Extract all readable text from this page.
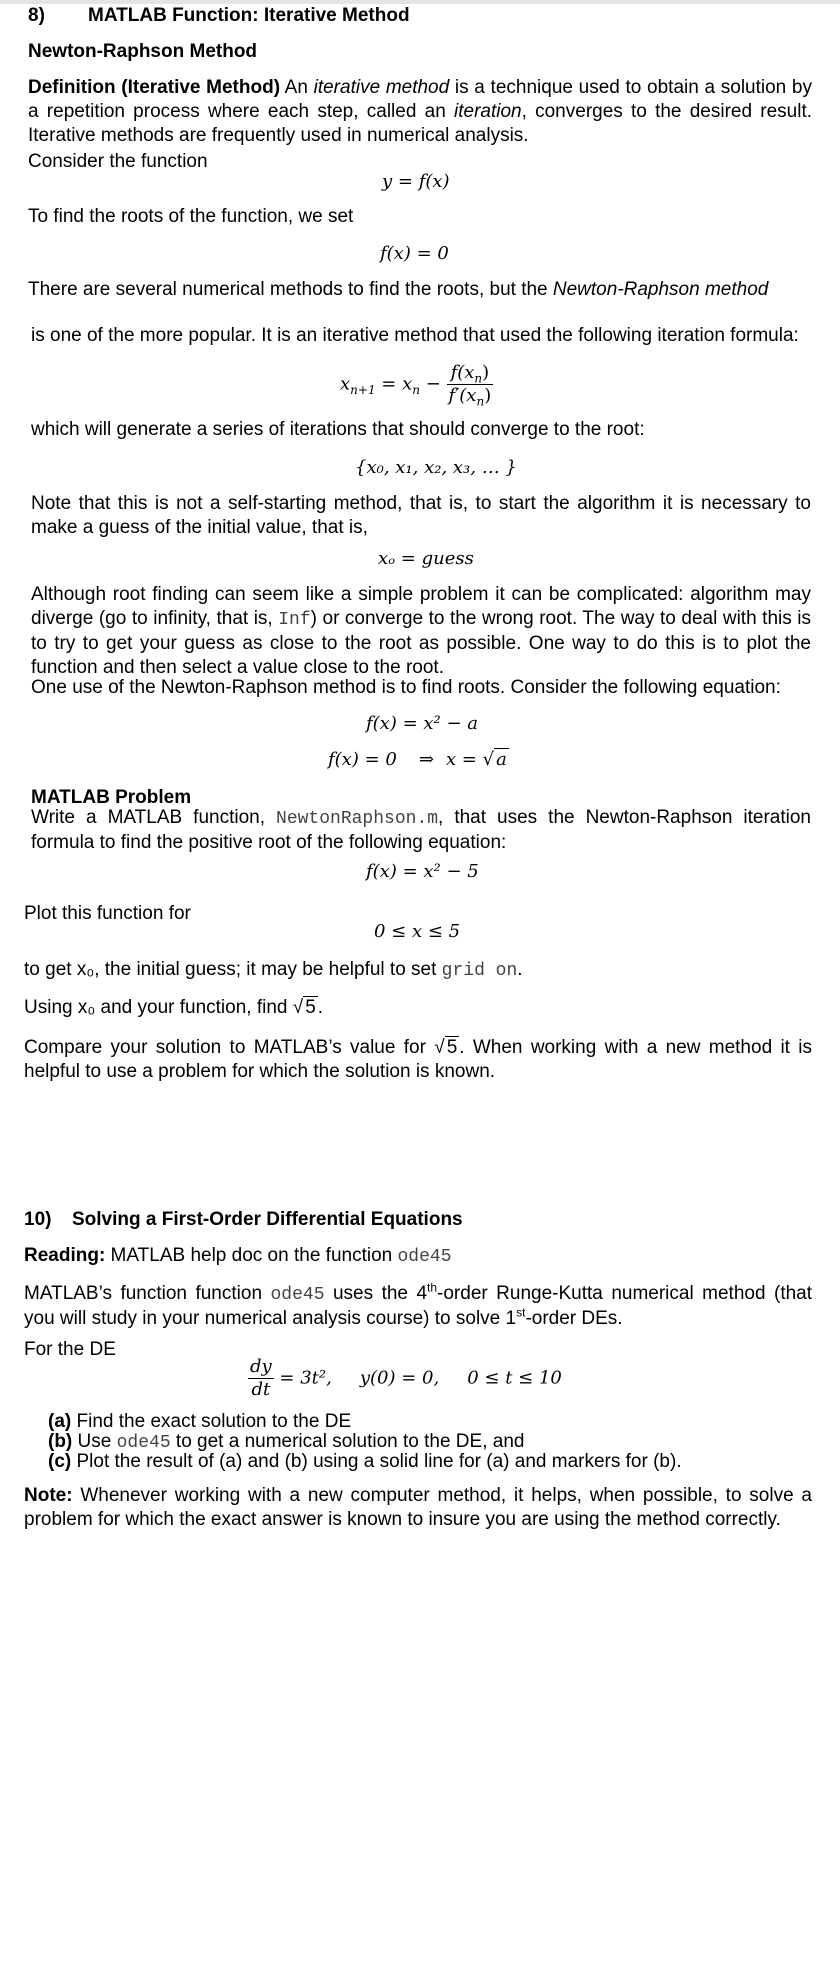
8) MATLAB Function: Iterative Method
Newton-Raphson Method
Definition (Iterative Method) An iterative method is a technique used to obtain a solution by a repetition process where each step, called an iteration, converges to the desired result. Iterative methods are frequently used in numerical analysis.
Consider the function
y = f(x)
To find the roots of the function, we set
f(x) = 0
There are several numerical methods to find the roots, but the Newton-Raphson method
is one of the more popular. It is an iterative method that used the following iteration formula:
$x_{n+1} = x_n - \frac{f(x_n)}{f'(x_n)}$
which will generate a series of iterations that should converge to the root:
{x₀, x₁, x₂, x₃, … }
Note that this is not a self-starting method, that is, to start the algorithm it is necessary to make a guess of the initial value, that is,
xₒ = guess
Although root finding can seem like a simple problem it can be complicated: algorithm may diverge (go to infinity, that is, Inf) or converge to the wrong root. The way to deal with this is to try to get your guess as close to the root as possible. One way to do this is to plot the function and then select a value close to the root.
One use of the Newton-Raphson method is to find roots. Consider the following equation:
f(x) = x² − a
f(x) = 0 ⇒ x = √ a
MATLAB Problem
Write a MATLAB function, NewtonRaphson.m, that uses the Newton-Raphson iteration formula to find the positive root of the following equation:
f(x) = x² − 5
Plot this function for
0 ≤ x ≤ 5
to get x₀, the initial guess; it may be helpful to set grid on.
Using x₀ and your function, find √ 5 .
Compare your solution to MATLAB’s value for √ 5 . When working with a new method it is helpful to use a problem for which the solution is known.
10) Solving a First-Order Differential Equations
Reading: MATLAB help doc on the function ode45
MATLAB’s function function ode45 uses the 4th-order Runge-Kutta numerical method (that you will study in your numerical analysis course) to solve 1st-order DEs.
For the DE
$\frac{dy}{dt} = 3t^2$, y(0) = 0, 0 ≤ t ≤ 10
(a) Find the exact solution to the DE
(b) Use ode45 to get a numerical solution to the DE, and
(c) Plot the result of (a) and (b) using a solid line for (a) and markers for (b).
Note: Whenever working with a new computer method, it helps, when possible, to solve a problem for which the exact answer is known to insure you are using the method correctly.
